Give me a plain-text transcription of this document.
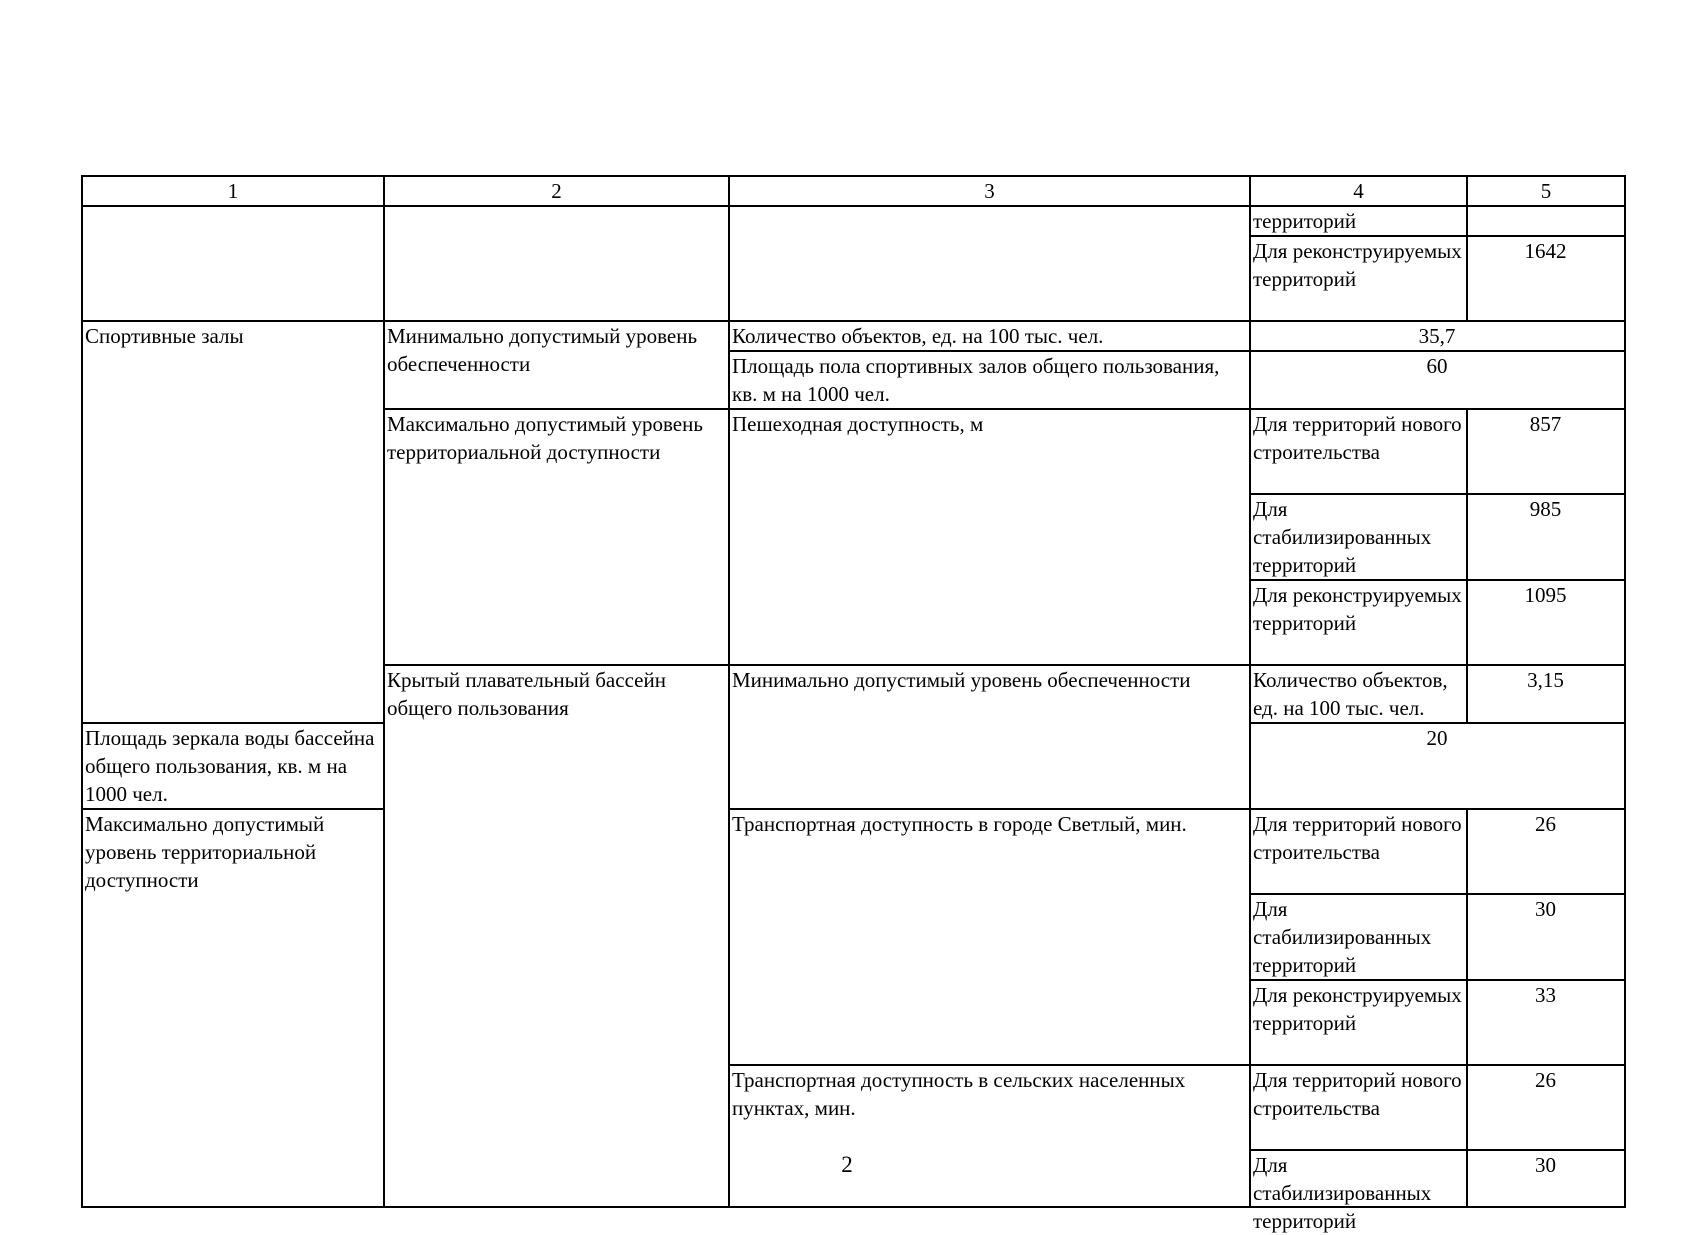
1	2	3	4	5
			территорий	
			Для реконструируемых территорий	1642
Спортивные залы	Минимально допустимый уровень обеспеченности	Количество объектов, ед. на 100 тыс. чел.	35,7	
		Площадь пола спортивных залов общего пользования, кв. м на 1000 чел.	60	
	Максимально допустимый уровень территориальной доступности	Пешеходная доступность, м	Для территорий нового строительства	857
			Для стабилизированных территорий	985
			Для реконструируемых территорий	1095
	Крытый плавательный бассейн общего пользования	Минимально допустимый уровень обеспеченности	Количество объектов, ед. на 100 тыс. чел.	3,15
Площадь зеркала воды бассейна общего пользования, кв. м на 1000 чел.			20	
Максимально допустимый уровень территориальной доступности		Транспортная доступность в городе Светлый, мин.	Для территорий нового строительства	26
			Для стабилизированных территорий	30
			Для реконструируемых территорий	33
		Транспортная доступность в сельских населенных пунктах, мин.	Для территорий нового строительства	26

			Для стабилизированных территорий	30
2
